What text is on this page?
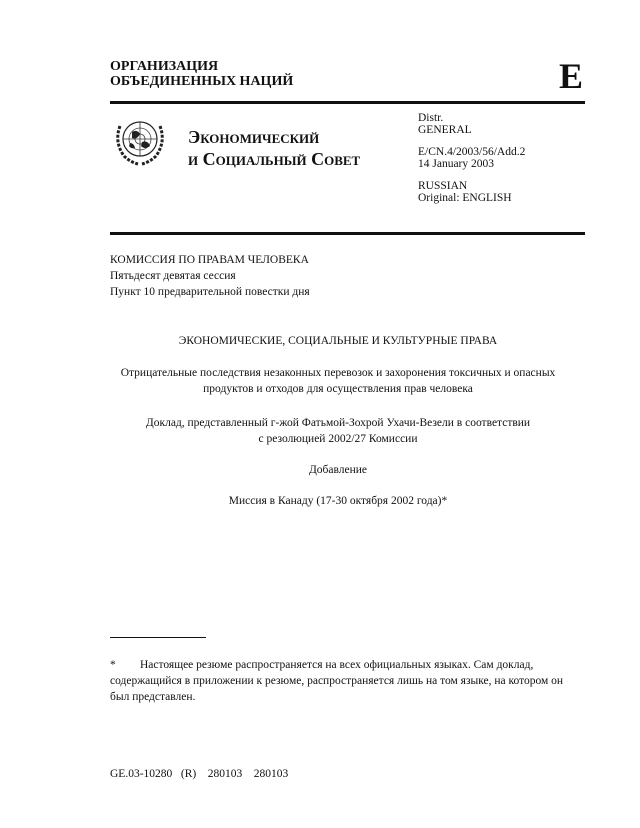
ОРГАНИЗАЦИЯ
ОБЪЕДИНЕННЫХ НАЦИЙ	E
Экономический
и Социальный Совет
Distr.
GENERAL
E/CN.4/2003/56/Add.2
14 January 2003
RUSSIAN
Original: ENGLISH
КОМИССИЯ ПО ПРАВАМ ЧЕЛОВЕКА
Пятьдесят девятая сессия
Пункт 10 предварительной повестки дня
ЭКОНОМИЧЕСКИЕ, СОЦИАЛЬНЫЕ И КУЛЬТУРНЫЕ ПРАВА
Отрицательные последствия незаконных перевозок и захоронения токсичных и опасных
продуктов и отходов для осуществления прав человека
Доклад, представленный г-жой Фатьмой-Зохрой Ухачи-Везели в соответствии
с резолюцией 2002/27 Комиссии
Добавление
Миссия в Канаду (17-30 октября 2002 года)*
* Настоящее резюме распространяется на всех официальных языках. Сам доклад, содержащийся в приложении к резюме, распространяется лишь на том языке, на котором он был представлен.
GE.03-10280   (R)    280103    280103
